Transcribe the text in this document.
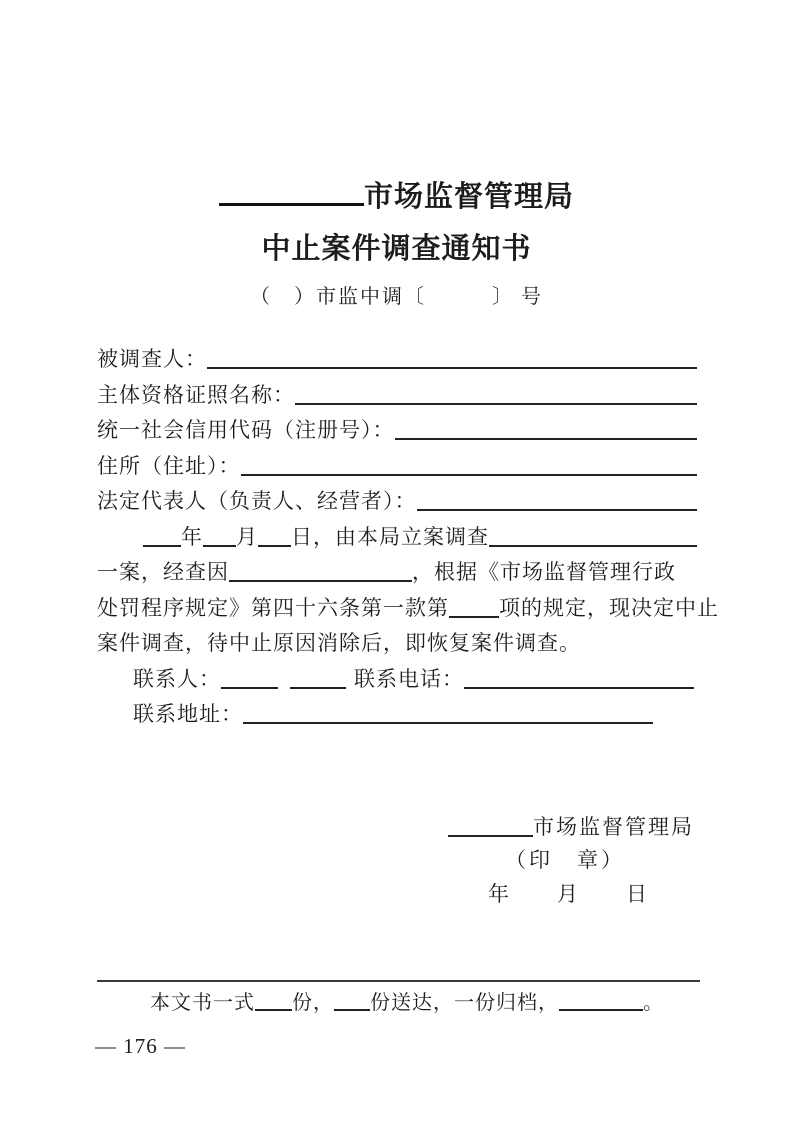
市场监督管理局
中止案件调查通知书
（　）市监中调〔　　　〕 号
被调查人：
主体资格证照名称：
统一社会信用代码（注册号）：
住所（住址）：
法定代表人（负责人、经营者）：
年 月 日，由本局立案调查
一案，经查因	，根据《市场监督管理行政
处罚程序规定》第四十六条第一款第 项的规定，现决定中止
案件调查，待中止原因消除后，即恢复案件调查。
联系人：	联系电话：
联系地址：
市场监督管理局
（印　章）
年　　月　　日
本文书一式 份， 份送达，一份归档，	。
— 176 —
